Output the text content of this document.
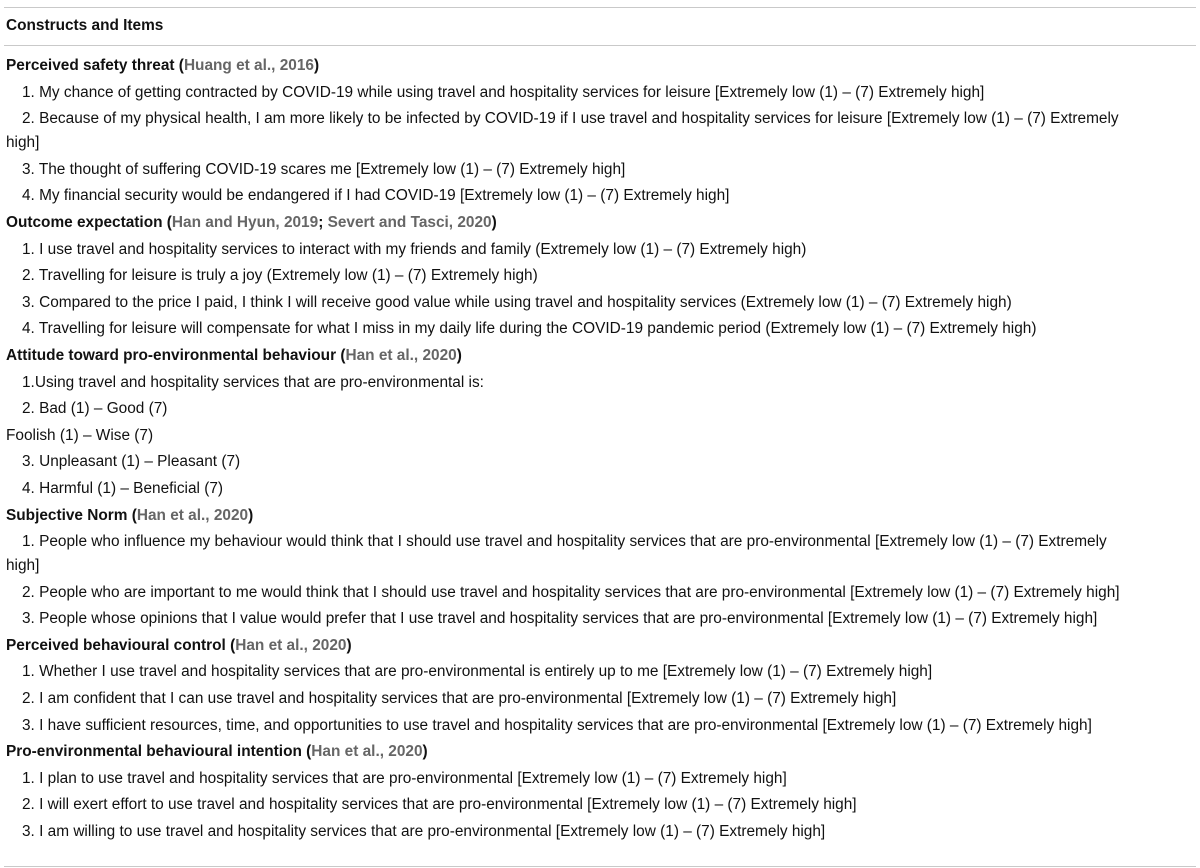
Constructs and Items
Perceived safety threat (Huang et al., 2016)
1. My chance of getting contracted by COVID-19 while using travel and hospitality services for leisure [Extremely low (1) – (7) Extremely high]
2. Because of my physical health, I am more likely to be infected by COVID-19 if I use travel and hospitality services for leisure [Extremely low (1) – (7) Extremely high]
3. The thought of suffering COVID-19 scares me [Extremely low (1) – (7) Extremely high]
4. My financial security would be endangered if I had COVID-19 [Extremely low (1) – (7) Extremely high]
Outcome expectation (Han and Hyun, 2019; Severt and Tasci, 2020)
1. I use travel and hospitality services to interact with my friends and family (Extremely low (1) – (7) Extremely high)
2. Travelling for leisure is truly a joy (Extremely low (1) – (7) Extremely high)
3. Compared to the price I paid, I think I will receive good value while using travel and hospitality services (Extremely low (1) – (7) Extremely high)
4. Travelling for leisure will compensate for what I miss in my daily life during the COVID-19 pandemic period (Extremely low (1) – (7) Extremely high)
Attitude toward pro-environmental behaviour (Han et al., 2020)
1.Using travel and hospitality services that are pro-environmental is:
2. Bad (1) – Good (7)
Foolish (1) – Wise (7)
3. Unpleasant (1) – Pleasant (7)
4. Harmful (1) – Beneficial (7)
Subjective Norm (Han et al., 2020)
1. People who influence my behaviour would think that I should use travel and hospitality services that are pro-environmental [Extremely low (1) – (7) Extremely high]
2. People who are important to me would think that I should use travel and hospitality services that are pro-environmental [Extremely low (1) – (7) Extremely high]
3. People whose opinions that I value would prefer that I use travel and hospitality services that are pro-environmental [Extremely low (1) – (7) Extremely high]
Perceived behavioural control (Han et al., 2020)
1. Whether I use travel and hospitality services that are pro-environmental is entirely up to me [Extremely low (1) – (7) Extremely high]
2. I am confident that I can use travel and hospitality services that are pro-environmental [Extremely low (1) – (7) Extremely high]
3. I have sufficient resources, time, and opportunities to use travel and hospitality services that are pro-environmental [Extremely low (1) – (7) Extremely high]
Pro-environmental behavioural intention (Han et al., 2020)
1. I plan to use travel and hospitality services that are pro-environmental [Extremely low (1) – (7) Extremely high]
2. I will exert effort to use travel and hospitality services that are pro-environmental [Extremely low (1) – (7) Extremely high]
3. I am willing to use travel and hospitality services that are pro-environmental [Extremely low (1) – (7) Extremely high]
